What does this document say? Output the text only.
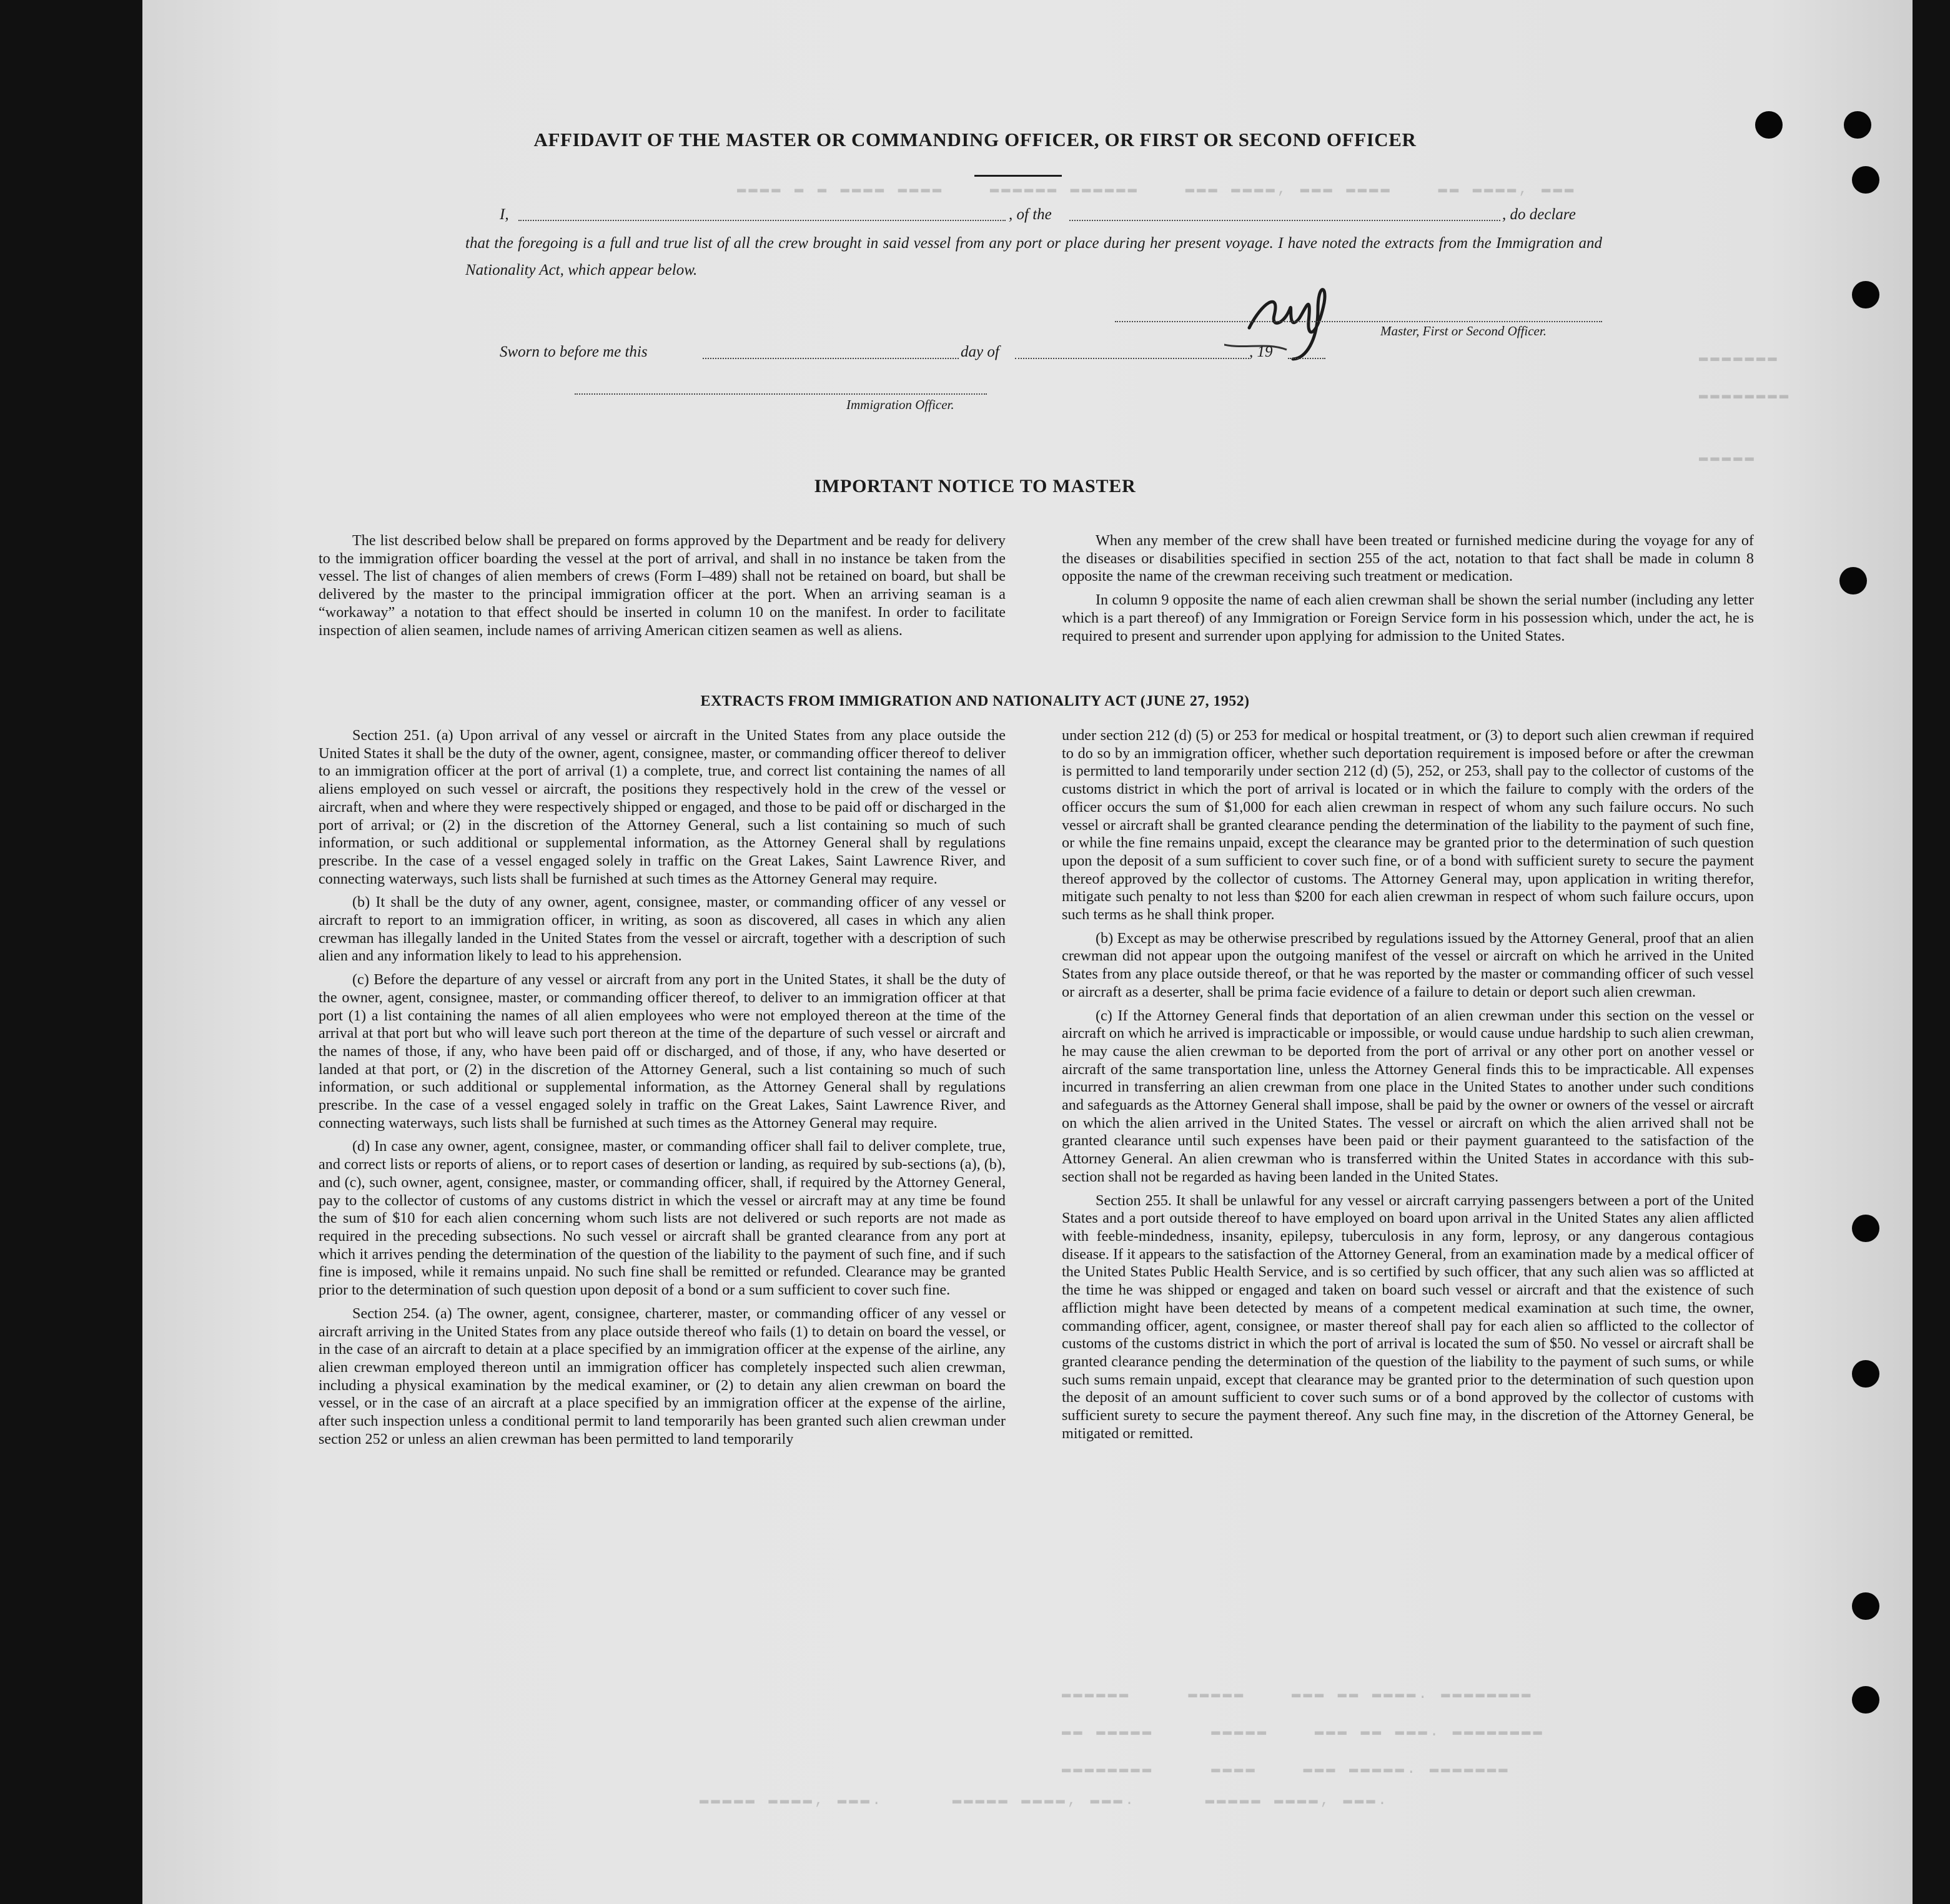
▬▬▬▬ ▬ ▬ ▬▬▬▬ ▬▬▬▬    ▬▬▬▬▬▬ ▬▬▬▬▬▬    ▬▬▬ ▬▬▬▬, ▬▬▬ ▬▬▬▬    ▬▬ ▬▬▬▬, ▬▬▬
▬▬▬▬▬▬▬
▬▬▬▬▬▬▬▬
▬▬▬▬▬
▬▬▬▬▬▬     ▬▬▬▬▬    ▬▬▬ ▬▬ ▬▬▬▬. ▬▬▬▬▬▬▬▬
▬▬ ▬▬▬▬▬     ▬▬▬▬▬    ▬▬▬ ▬▬ ▬▬▬. ▬▬▬▬▬▬▬▬
▬▬▬▬▬▬▬▬     ▬▬▬▬    ▬▬▬ ▬▬▬▬▬. ▬▬▬▬▬▬▬
▬▬▬▬▬ ▬▬▬▬, ▬▬▬.      ▬▬▬▬▬ ▬▬▬▬, ▬▬▬.      ▬▬▬▬▬ ▬▬▬▬, ▬▬▬.
AFFIDAVIT OF THE MASTER OR COMMANDING OFFICER, OR FIRST OR SECOND OFFICER
I,	, of the	, do declare
that the foregoing is a full and true list of all the crew brought in said vessel from any port or place during her present voyage. I have noted the extracts from the Immigration and Nationality Act, which appear below.
Master, First or Second Officer.
Sworn to before me this	day of	, 19
Immigration Officer.
IMPORTANT NOTICE TO MASTER

The list described below shall be prepared on forms approved by the Department and be ready for delivery to the immigration officer boarding the vessel at the port of arrival, and shall in no instance be taken from the vessel. The list of changes of alien members of crews (Form I–489) shall not be retained on board, but shall be delivered by the master to the principal immigration officer at the port. When an arriving seaman is a “workaway” a notation to that effect should be inserted in column 10 on the manifest. In order to facilitate inspection of alien seamen, include names of arriving American citizen seamen as well as aliens.

When any member of the crew shall have been treated or furnished medicine during the voyage for any of the diseases or disabilities specified in section 255 of the act, notation to that fact shall be made in column 8 opposite the name of the crewman receiving such treatment or medication.

In column 9 opposite the name of each alien crewman shall be shown the serial number (including any letter which is a part thereof) of any Immigration or Foreign Service form in his possession which, under the act, he is required to present and surrender upon applying for admission to the United States.

EXTRACTS FROM IMMIGRATION AND NATIONALITY ACT (JUNE 27, 1952)

Section 251. (a) Upon arrival of any vessel or aircraft in the United States from any place outside the United States it shall be the duty of the owner, agent, consignee, master, or commanding officer thereof to deliver to an immigration officer at the port of arrival (1) a complete, true, and correct list containing the names of all aliens employed on such vessel or aircraft, the positions they respectively hold in the crew of the vessel or aircraft, when and where they were respectively shipped or engaged, and those to be paid off or discharged in the port of arrival; or (2) in the discretion of the Attorney General, such a list containing so much of such information, or such additional or supplemental information, as the Attorney General shall by regulations prescribe. In the case of a vessel engaged solely in traffic on the Great Lakes, Saint Lawrence River, and connecting waterways, such lists shall be furnished at such times as the Attorney General may require.

(b) It shall be the duty of any owner, agent, consignee, master, or commanding officer of any vessel or aircraft to report to an immigration officer, in writing, as soon as discovered, all cases in which any alien crewman has illegally landed in the United States from the vessel or aircraft, together with a description of such alien and any information likely to lead to his apprehension.

(c) Before the departure of any vessel or aircraft from any port in the United States, it shall be the duty of the owner, agent, consignee, master, or commanding officer thereof, to deliver to an immigration officer at that port (1) a list containing the names of all alien employees who were not employed thereon at the time of the arrival at that port but who will leave such port thereon at the time of the departure of such vessel or aircraft and the names of those, if any, who have been paid off or discharged, and of those, if any, who have deserted or landed at that port, or (2) in the discretion of the Attorney General, such a list containing so much of such information, or such additional or supplemental information, as the Attorney General shall by regulations prescribe. In the case of a vessel engaged solely in traffic on the Great Lakes, Saint Lawrence River, and connecting waterways, such lists shall be furnished at such times as the Attorney General may require.

(d) In case any owner, agent, consignee, master, or commanding officer shall fail to deliver complete, true, and correct lists or reports of aliens, or to report cases of desertion or landing, as required by sub-sections (a), (b), and (c), such owner, agent, consignee, master, or commanding officer, shall, if required by the Attorney General, pay to the collector of customs of any customs district in which the vessel or aircraft may at any time be found the sum of $10 for each alien concerning whom such lists are not delivered or such reports are not made as required in the preceding subsections. No such vessel or aircraft shall be granted clearance from any port at which it arrives pending the determination of the question of the liability to the payment of such fine, and if such fine is imposed, while it remains unpaid. No such fine shall be remitted or refunded. Clearance may be granted prior to the determination of such question upon deposit of a bond or a sum sufficient to cover such fine.

Section 254. (a) The owner, agent, consignee, charterer, master, or commanding officer of any vessel or aircraft arriving in the United States from any place outside thereof who fails (1) to detain on board the vessel, or in the case of an aircraft to detain at a place specified by an immigration officer at the expense of the airline, any alien crewman employed thereon until an immigration officer has completely inspected such alien crewman, including a physical examination by the medical examiner, or (2) to detain any alien crewman on board the vessel, or in the case of an aircraft at a place specified by an immigration officer at the expense of the airline, after such inspection unless a conditional permit to land temporarily has been granted such alien crewman under section 252 or unless an alien crewman has been permitted to land temporarily

under section 212 (d) (5) or 253 for medical or hospital treatment, or (3) to deport such alien crewman if required to do so by an immigration officer, whether such deportation requirement is imposed before or after the crewman is permitted to land temporarily under section 212 (d) (5), 252, or 253, shall pay to the collector of customs of the customs district in which the port of arrival is located or in which the failure to comply with the orders of the officer occurs the sum of $1,000 for each alien crewman in respect of whom any such failure occurs. No such vessel or aircraft shall be granted clearance pending the determination of the liability to the payment of such fine, or while the fine remains unpaid, except the clearance may be granted prior to the determination of such question upon the deposit of a sum sufficient to cover such fine, or of a bond with sufficient surety to secure the payment thereof approved by the collector of customs. The Attorney General may, upon application in writing therefor, mitigate such penalty to not less than $200 for each alien crewman in respect of whom such failure occurs, upon such terms as he shall think proper.

(b) Except as may be otherwise prescribed by regulations issued by the Attorney General, proof that an alien crewman did not appear upon the outgoing manifest of the vessel or aircraft on which he arrived in the United States from any place outside thereof, or that he was reported by the master or commanding officer of such vessel or aircraft as a deserter, shall be prima facie evidence of a failure to detain or deport such alien crewman.

(c) If the Attorney General finds that deportation of an alien crewman under this section on the vessel or aircraft on which he arrived is impracticable or impossible, or would cause undue hardship to such alien crewman, he may cause the alien crewman to be deported from the port of arrival or any other port on another vessel or aircraft of the same transportation line, unless the Attorney General finds this to be impracticable. All expenses incurred in transferring an alien crewman from one place in the United States to another under such conditions and safeguards as the Attorney General shall impose, shall be paid by the owner or owners of the vessel or aircraft on which the alien arrived in the United States. The vessel or aircraft on which the alien arrived shall not be granted clearance until such expenses have been paid or their payment guaranteed to the satisfaction of the Attorney General. An alien crewman who is transferred within the United States in accordance with this sub-section shall not be regarded as having been landed in the United States.

Section 255. It shall be unlawful for any vessel or aircraft carrying passengers between a port of the United States and a port outside thereof to have employed on board upon arrival in the United States any alien afflicted with feeble-mindedness, insanity, epilepsy, tuberculosis in any form, leprosy, or any dangerous contagious disease. If it appears to the satisfaction of the Attorney General, from an examination made by a medical officer of the United States Public Health Service, and is so certified by such officer, that any such alien was so afflicted at the time he was shipped or engaged and taken on board such vessel or aircraft and that the existence of such affliction might have been detected by means of a competent medical examination at such time, the owner, commanding officer, agent, consignee, or master thereof shall pay for each alien so afflicted to the collector of customs of the customs district in which the port of arrival is located the sum of $50. No vessel or aircraft shall be granted clearance pending the determination of the question of the liability to the payment of such sums, or while such sums remain unpaid, except that clearance may be granted prior to the determination of such question upon the deposit of an amount sufficient to cover such sums or of a bond approved by the collector of customs with sufficient surety to secure the payment thereof. Any such fine may, in the discretion of the Attorney General, be mitigated or remitted.
